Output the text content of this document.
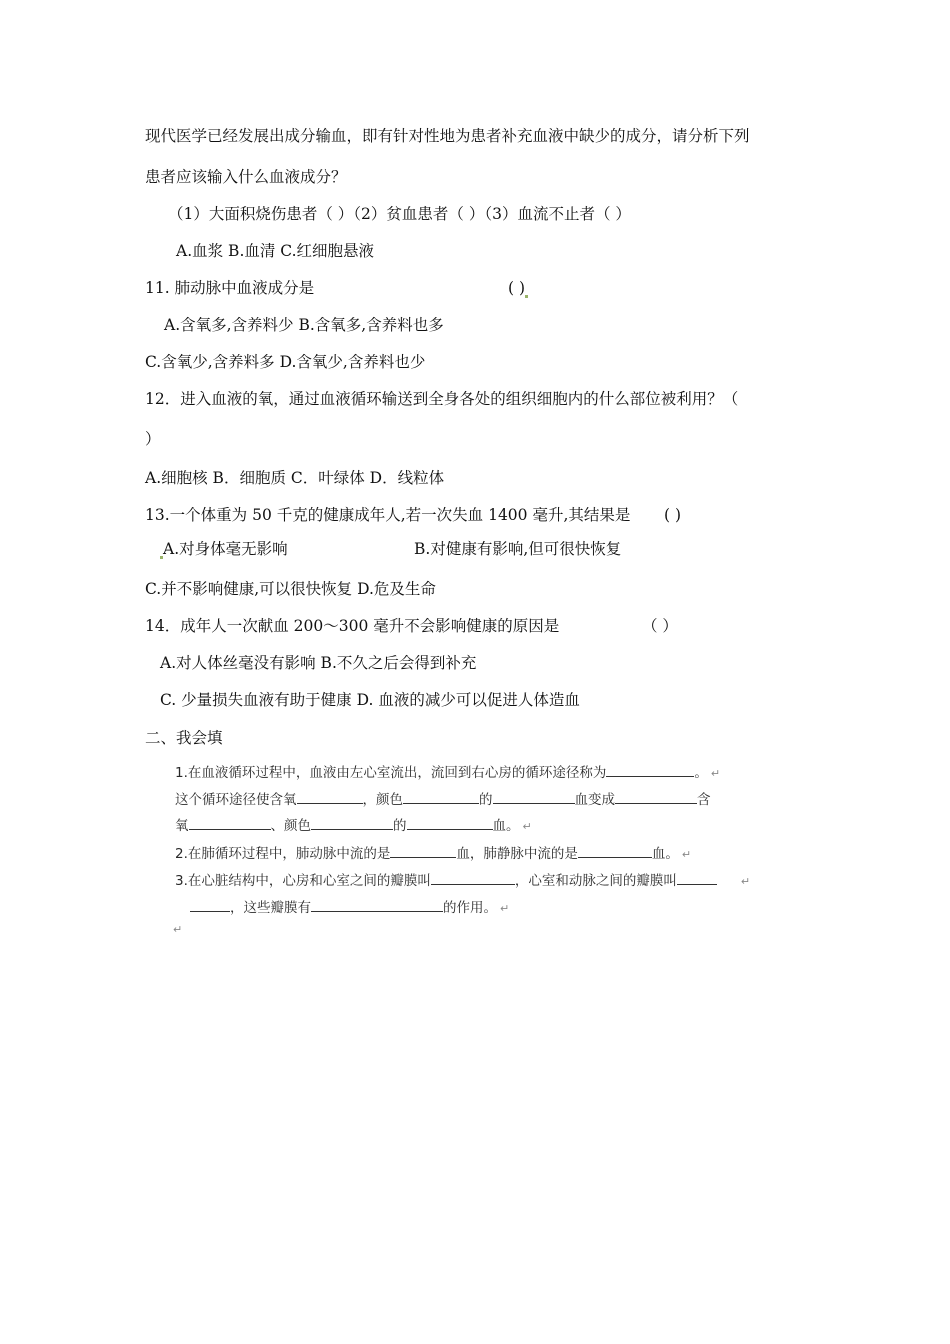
现代医学已经发展出成分输血，即有针对性地为患者补充血液中缺少的成分，请分析下列
患者应该输入什么血液成分？
（1）大面积烧伤患者（ ）（2）贫血患者（ ）（3）血流不止者（ ）
A.血浆 B.血清 C.红细胞悬液
11. 肺动脉中血液成分是	( )
A.含氧多,含养料少 B.含氧多,含养料也多
C.含氧少,含养料多 D.含氧少,含养料也少
12．进入血液的氧，通过血液循环输送到全身各处的组织细胞内的什么部位被利用？（
）
A.细胞核 B．细胞质 C．叶绿体 D．线粒体
13.一个体重为 50 千克的健康成年人,若一次失血 1400 毫升,其结果是 ( )
A.对身体毫无影响	B.对健康有影响,但可很快恢复
C.并不影响健康,可以很快恢复 D.危及生命
14．成年人一次献血 200～300 毫升不会影响健康的原因是	（ ）
A.对人体丝毫没有影响 B.不久之后会得到补充
C. 少量损失血液有助于健康 D. 血液的减少可以促进人体造血
二、我会填
1.在血液循环过程中，血液由左心室流出，流回到右心房的循环途径称为	。 ↵
这个循环途径使含氧	，颜色	的	血变成	含
氧	、颜色	的	血。 ↵
2.在肺循环过程中，肺动脉中流的是	血，肺静脉中流的是	血。 ↵
3.在心脏结构中，心房和心室之间的瓣膜叫	，心室和动脉之间的瓣膜叫	↵
，这些瓣膜有	的作用。 ↵
↵
